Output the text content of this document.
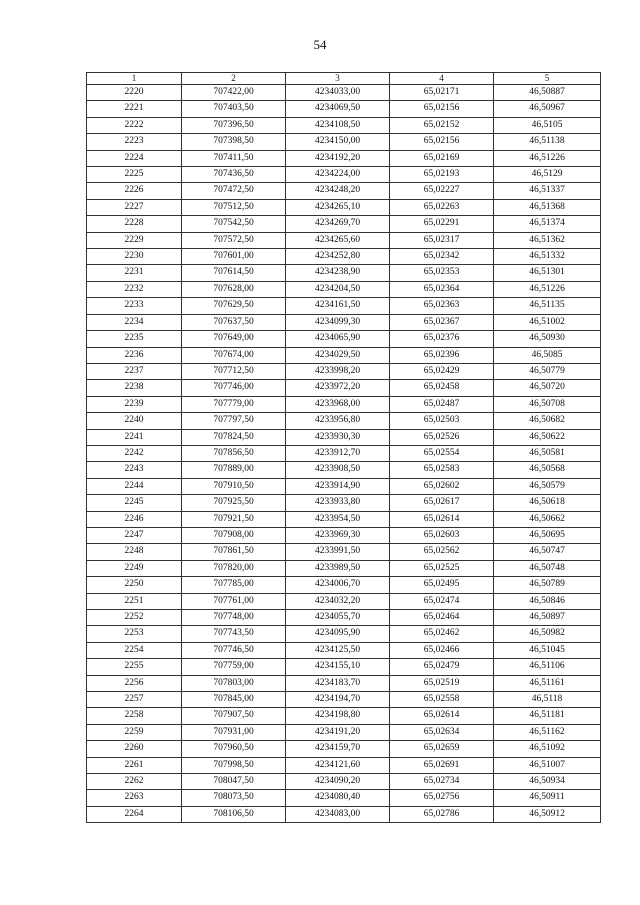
54
1	2	3	4	5
2220	707422,00	4234033,00	65,02171	46,50887
2221	707403,50	4234069,50	65,02156	46,50967
2222	707396,50	4234108,50	65,02152	46,5105
2223	707398,50	4234150,00	65,02156	46,51138
2224	707411,50	4234192,20	65,02169	46,51226
2225	707436,50	4234224,00	65,02193	46,5129
2226	707472,50	4234248,20	65,02227	46,51337
2227	707512,50	4234265,10	65,02263	46,51368
2228	707542,50	4234269,70	65,02291	46,51374
2229	707572,50	4234265,60	65,02317	46,51362
2230	707601,00	4234252,80	65,02342	46,51332
2231	707614,50	4234238,90	65,02353	46,51301
2232	707628,00	4234204,50	65,02364	46,51226
2233	707629,50	4234161,50	65,02363	46,51135
2234	707637,50	4234099,30	65,02367	46,51002
2235	707649,00	4234065,90	65,02376	46,50930
2236	707674,00	4234029,50	65,02396	46,5085
2237	707712,50	4233998,20	65,02429	46,50779
2238	707746,00	4233972,20	65,02458	46,50720
2239	707779,00	4233968,00	65,02487	46,50708
2240	707797,50	4233956,80	65,02503	46,50682
2241	707824,50	4233930,30	65,02526	46,50622
2242	707856,50	4233912,70	65,02554	46,50581
2243	707889,00	4233908,50	65,02583	46,50568
2244	707910,50	4233914,90	65,02602	46,50579
2245	707925,50	4233933,80	65,02617	46,50618
2246	707921,50	4233954,50	65,02614	46,50662
2247	707908,00	4233969,30	65,02603	46,50695
2248	707861,50	4233991,50	65,02562	46,50747
2249	707820,00	4233989,50	65,02525	46,50748
2250	707785,00	4234006,70	65,02495	46,50789
2251	707761,00	4234032,20	65,02474	46,50846
2252	707748,00	4234055,70	65,02464	46,50897
2253	707743,50	4234095,90	65,02462	46,50982
2254	707746,50	4234125,50	65,02466	46,51045
2255	707759,00	4234155,10	65,02479	46,51106
2256	707803,00	4234183,70	65,02519	46,51161
2257	707845,00	4234194,70	65,02558	46,5118
2258	707907,50	4234198,80	65,02614	46,51181
2259	707931,00	4234191,20	65,02634	46,51162
2260	707960,50	4234159,70	65,02659	46,51092
2261	707998,50	4234121,60	65,02691	46,51007
2262	708047,50	4234090,20	65,02734	46,50934
2263	708073,50	4234080,40	65,02756	46,50911
2264	708106,50	4234083,00	65,02786	46,50912
